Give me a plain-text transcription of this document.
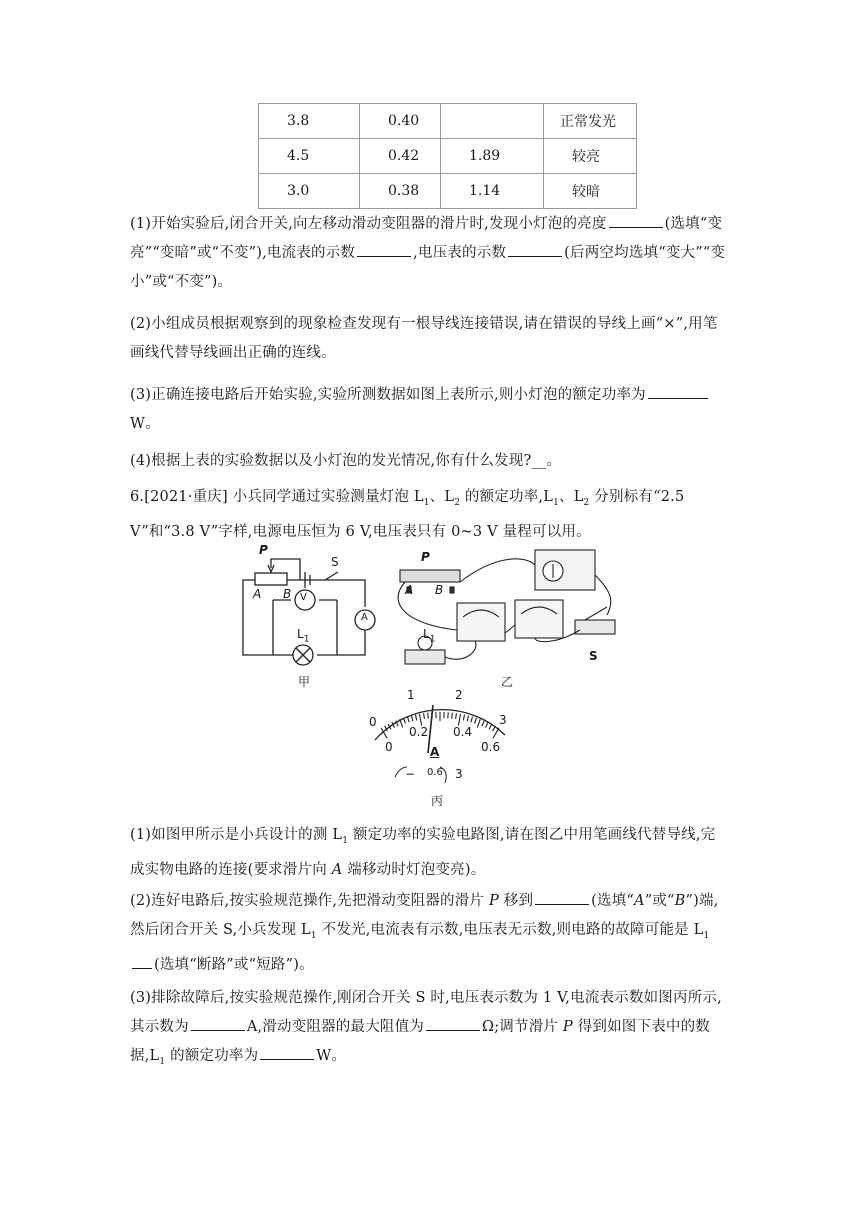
3.8	0.40		正常发光
4.5	0.42	1.89	较亮
3.0	0.38	1.14	较暗
(1)开始实验后,闭合开关,向左移动滑动变阻器的滑片时,发现小灯泡的亮度	(选填“变亮”“变暗”或“不变”),电流表的示数	,电压表的示数	(后两空均选填“变大”“变小”或“不变”)。
(2)小组成员根据观察到的现象检查发现有一根导线连接错误,请在错误的导线上画“×”,用笔画线代替导线画出正确的连线。
(3)正确连接电路后开始实验,实验所测数据如图上表所示,则小灯泡的额定功率为W。
(4)根据上表的实验数据以及小灯泡的发光情况,你有什么发现?__。
6.[2021·重庆] 小兵同学通过实验测量灯泡 $L_1$、$L_2$ 的额定功率$,L_1$、$L_2$ 分别标有“2.5 V”和“3.8 V”字样,电源电压恒为 6 V,电压表只有 0~3 V 量程可以用。
P
A B
S
V
A
$L_1$
甲
P
A B
S
$L_1$
乙
0
1	2
3
0
0.2 0.4
0.6
A
− 0.6 3
丙
(1)如图甲所示是小兵设计的测 $L_1$ 额定功率的实验电路图,请在图乙中用笔画线代替导线,完成实物电路的连接(要求滑片向 A 端移动时灯泡变亮)。
(2)连好电路后,按实验规范操作,先把滑动变阻器的滑片 P 移到	(选填“A”或“B”)端,然后闭合开关 S,小兵发现 $L_1$ 不发光,电流表有示数,电压表无示数,则电路的故障可能是 $L_1$(选填“断路”或“短路”)。
(3)排除故障后,按实验规范操作,刚闭合开关 S 时,电压表示数为 1 V,电流表示数如图丙所示,其示数为	A,滑动变阻器的最大阻值为	Ω;调节滑片 P 得到如图下表中的数据$,L_1$ 的额定功率为	W。
